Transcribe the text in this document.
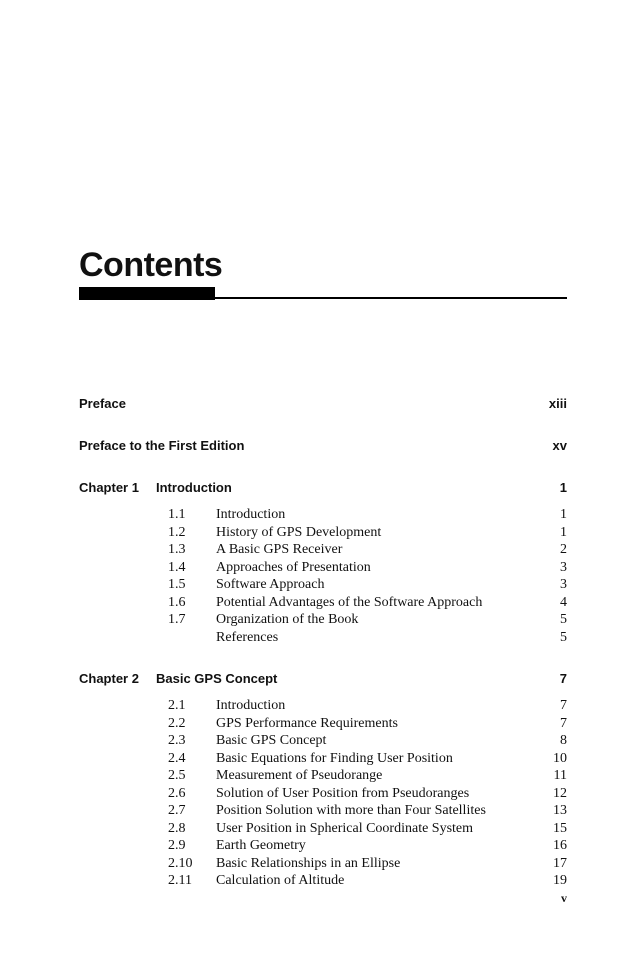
Contents
Preface	xiii
Preface to the First Edition	xv
Chapter 1	Introduction	1
1.1	Introduction	1
1.2	History of GPS Development	1
1.3	A Basic GPS Receiver	2
1.4	Approaches of Presentation	3
1.5	Software Approach	3
1.6	Potential Advantages of the Software Approach	4
1.7	Organization of the Book	5
References	5
Chapter 2	Basic GPS Concept	7
2.1	Introduction	7
2.2	GPS Performance Requirements	7
2.3	Basic GPS Concept	8
2.4	Basic Equations for Finding User Position	10
2.5	Measurement of Pseudorange	11
2.6	Solution of User Position from Pseudoranges	12
2.7	Position Solution with more than Four Satellites	13
2.8	User Position in Spherical Coordinate System	15
2.9	Earth Geometry	16
2.10	Basic Relationships in an Ellipse	17
2.11	Calculation of Altitude	19
v
